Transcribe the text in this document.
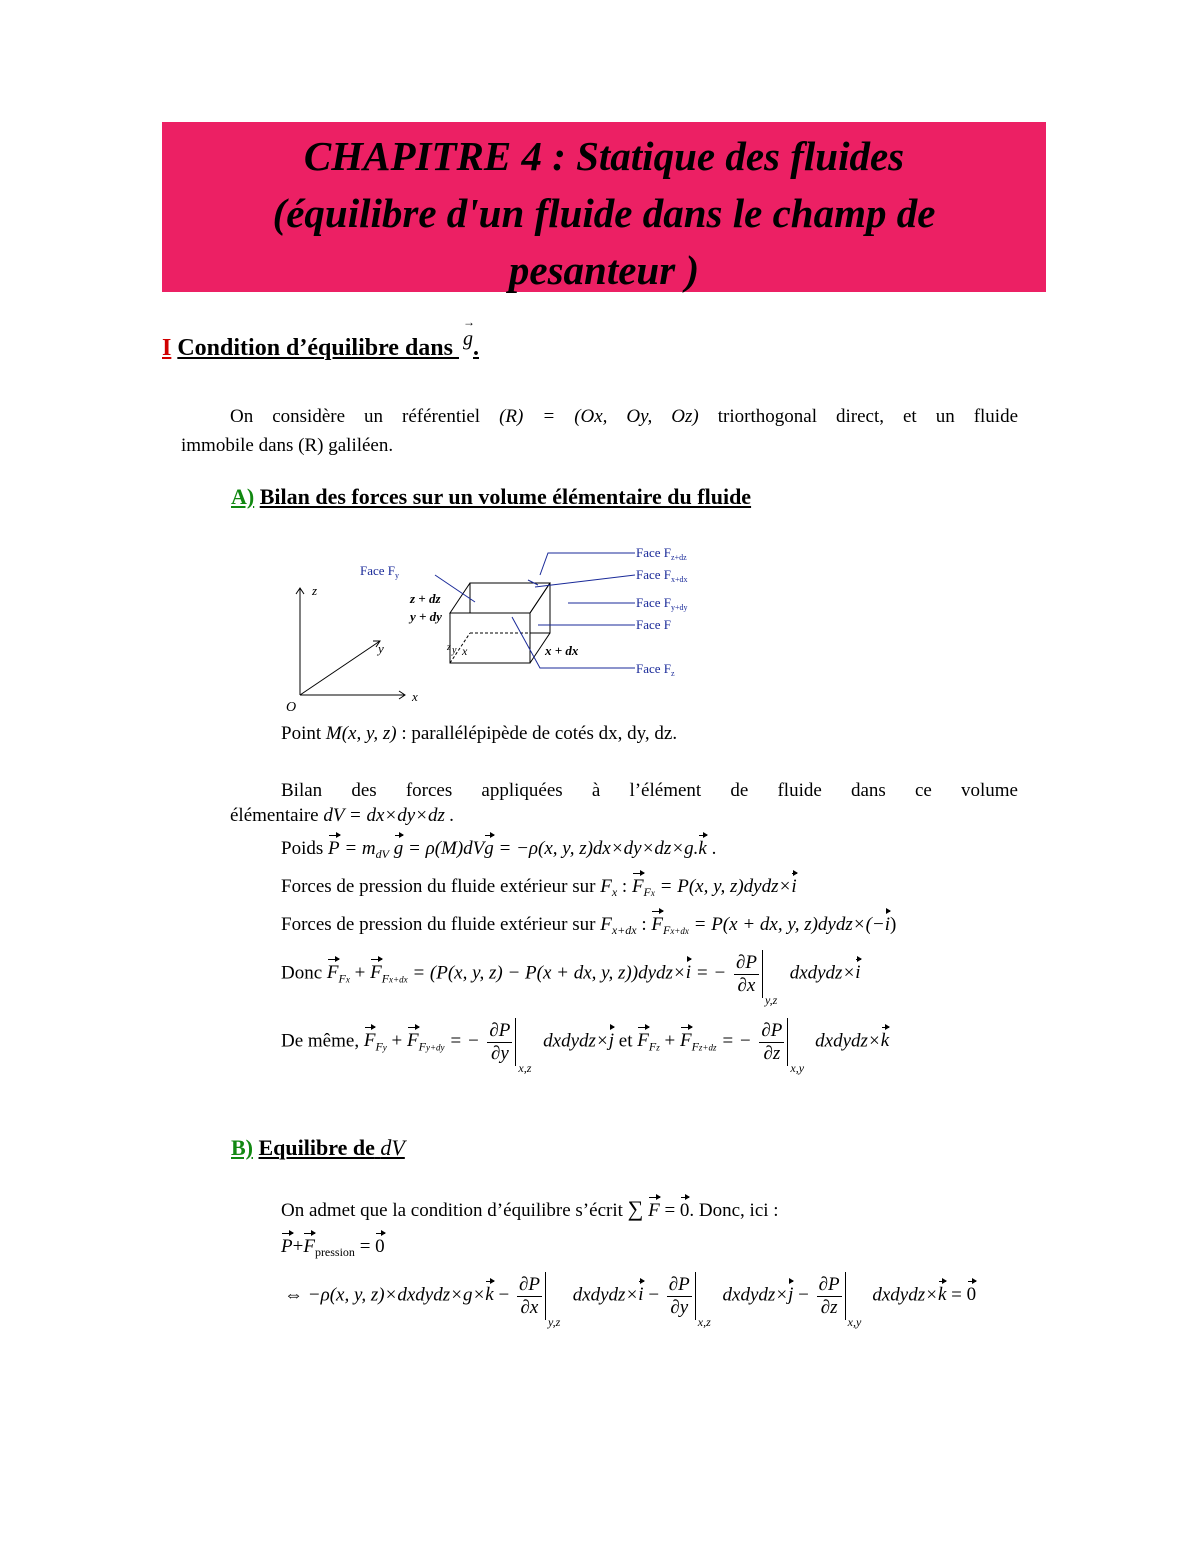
CHAPITRE 4 : Statique des fluides
(équilibre d'un fluide dans le champ de
pesanteur )
I Condition d’équilibre dans → g.
On considère un référentiel (R) = (Ox, Oy, Oz) triorthogonal direct, et un fluide
immobile dans (R) galiléen.
A) Bilan des forces sur un volume élémentaire du fluide
z
y
x
O
z + dz
y + dy
y
z x	x + dx
Face $F_y$
Face $F_{z+dz}$
Face $F_{x+dx}$
Face $F_{y+dy}$
Face F
Face $F_z$
Point M(x, y, z) : parallélépipède de cotés dx, dy, dz.
Bilan des forces appliquées à l’élément de fluide dans ce volume
élémentaire dV = dx×dy×dz .
Poids $P = m_{dV}$ g = ρ(M)dVg = −ρ(x, y, z)dx×dy×dz×g.k .
Forces de pression du fluide extérieur sur $F_x$ : $F_{Fx} = P(x$, y, z)dydz×i
Forces de pression du fluide extérieur sur $F_{x+dx}$ : $F_{Fx+dx} = P(x$ + dx, y, z)dydz×(−i)
Donc $F_{Fx} + F_{Fx+dx} = (P(x$, y, z) − P(x + dx, y, z))dydz×i = − $\frac{\partial P}{\partial x}$
y,z
dxdydz×i
De même, $F_{Fy} + F_{Fy+dy}$ = − $\frac{\partial P}{\partial y}$
x,z
dxdydz×j et $F_{Fz} + F_{Fz+dz}$ = − $\frac{\partial P}{\partial z}$
x,y
dxdydz×k
B) Equilibre de dV
On admet que la condition d’équilibre s’écrit ∑ F = 0. Donc, ici :
$P+F_{pression} = 0$
⇔ −ρ(x, y, z)×dxdydz×g×k − $\frac{\partial P}{\partial x}$
y,z
dxdydz×i − $\frac{\partial P}{\partial y}$
x,z
dxdydz×j − $\frac{\partial P}{\partial z}$
x,y
dxdydz×k = 0
